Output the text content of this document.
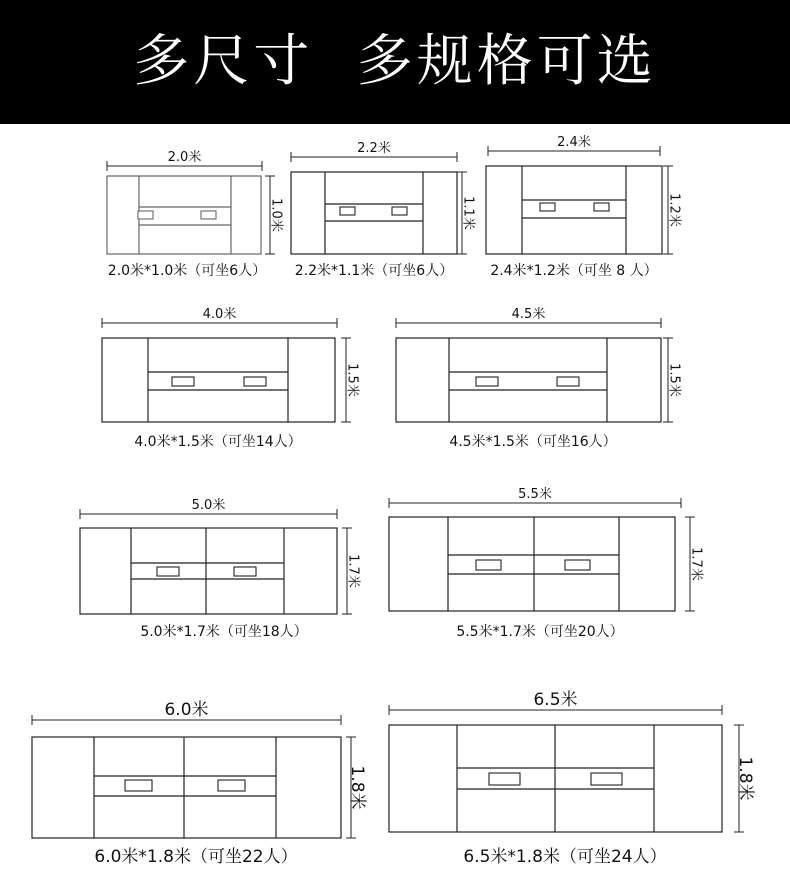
多尺寸  多规格可选
2.0米
1.0米
2.0米*1.0米（可坐6人）
2.2米
1.1米
2.2米*1.1米（可坐6人）
2.4米
1.2米
2.4米*1.2米（可坐 8 人）
4.0米
1.5米
4.0米*1.5米（可坐14人）
4.5米
1.5米
4.5米*1.5米（可坐16人）
5.0米
1.7米
5.0米*1.7米（可坐18人）
5.5米
1.7米
5.5米*1.7米（可坐20人）
6.0米
1.8米
6.0米*1.8米（可坐22人）
6.5米
1.8米
6.5米*1.8米（可坐24人）
